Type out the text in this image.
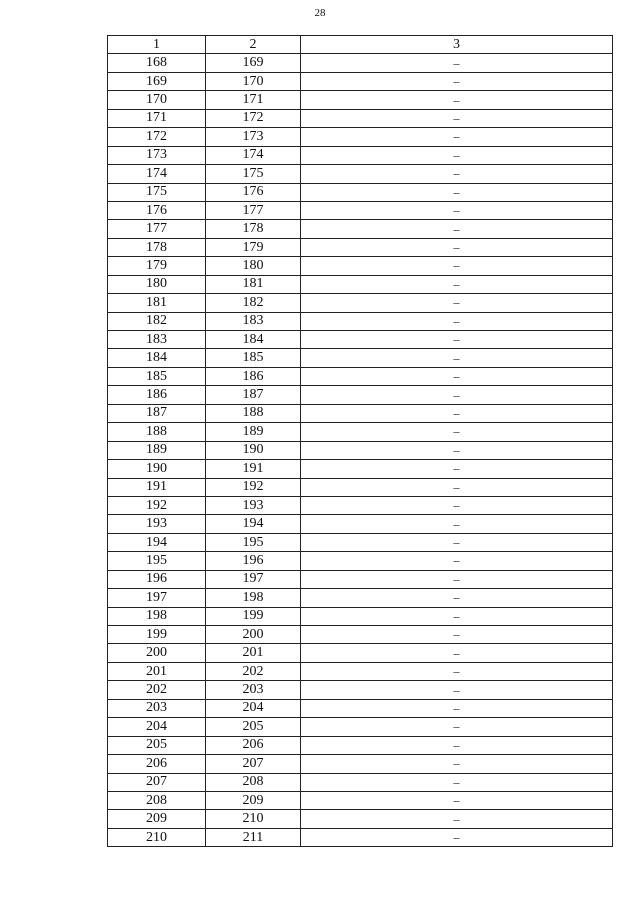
28
1	2	3
168	169	–
169	170	–
170	171	–
171	172	–
172	173	–
173	174	–
174	175	–
175	176	–
176	177	–
177	178	–
178	179	–
179	180	–
180	181	–
181	182	–
182	183	–
183	184	–
184	185	–
185	186	–
186	187	–
187	188	–
188	189	–
189	190	–
190	191	–
191	192	–
192	193	–
193	194	–
194	195	–
195	196	–
196	197	–
197	198	–
198	199	–
199	200	–
200	201	–
201	202	–
202	203	–
203	204	–
204	205	–
205	206	–
206	207	–
207	208	–
208	209	–
209	210	–
210	211	–
